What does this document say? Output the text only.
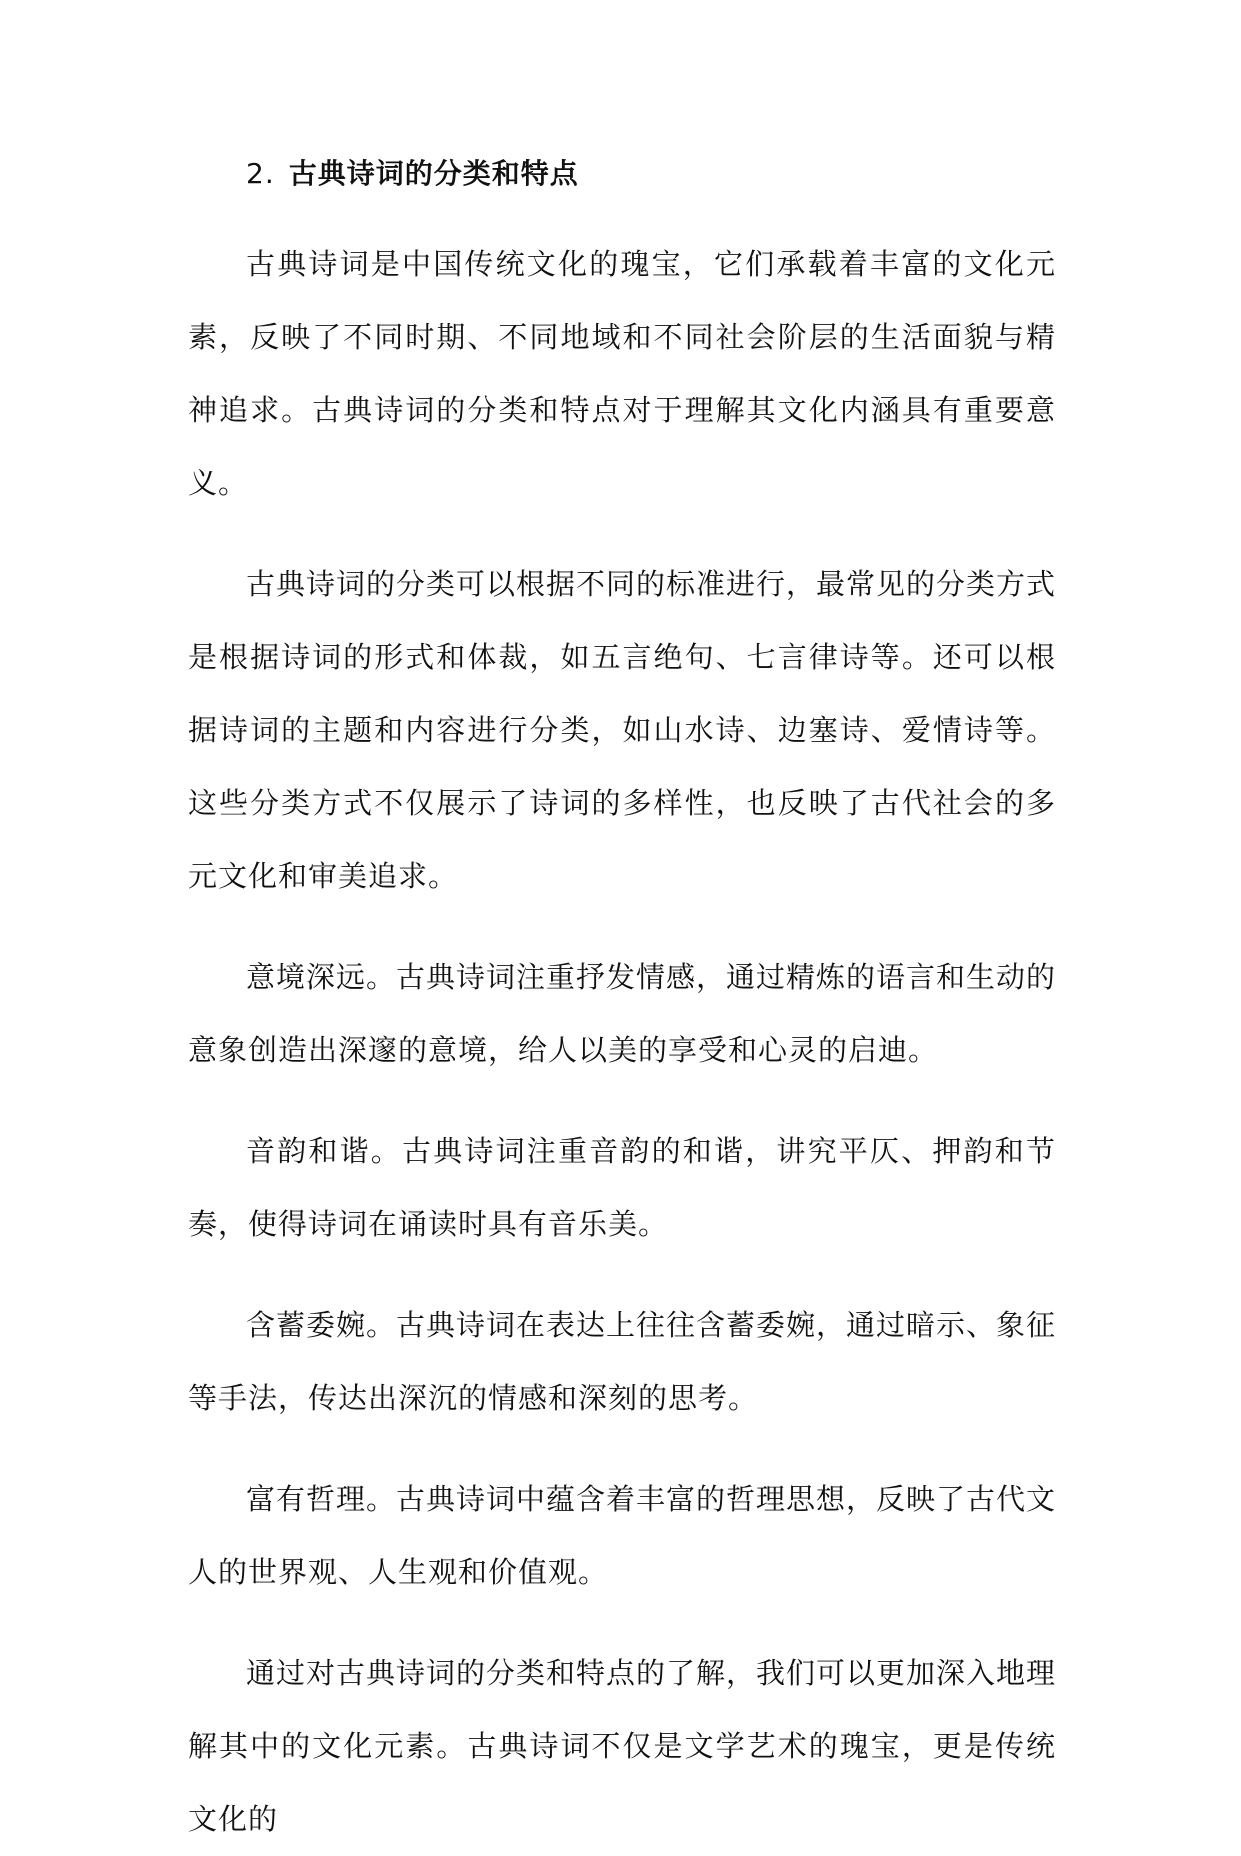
2. 古典诗词的分类和特点

古典诗词是中国传统文化的瑰宝，它们承载着丰富的文化元素，反映了不同时期、不同地域和不同社会阶层的生活面貌与精神追求。古典诗词的分类和特点对于理解其文化内涵具有重要意义。

古典诗词的分类可以根据不同的标准进行，最常见的分类方式是根据诗词的形式和体裁，如五言绝句、七言律诗等。还可以根据诗词的主题和内容进行分类，如山水诗、边塞诗、爱情诗等。这些分类方式不仅展示了诗词的多样性，也反映了古代社会的多元文化和审美追求。

意境深远。古典诗词注重抒发情感，通过精炼的语言和生动的意象创造出深邃的意境，给人以美的享受和心灵的启迪。

音韵和谐。古典诗词注重音韵的和谐，讲究平仄、押韵和节奏，使得诗词在诵读时具有音乐美。

含蓄委婉。古典诗词在表达上往往含蓄委婉，通过暗示、象征等手法，传达出深沉的情感和深刻的思考。

富有哲理。古典诗词中蕴含着丰富的哲理思想，反映了古代文人的世界观、人生观和价值观。

通过对古典诗词的分类和特点的了解，我们可以更加深入地理解其中的文化元素。古典诗词不仅是文学艺术的瑰宝，更是传统文化的
